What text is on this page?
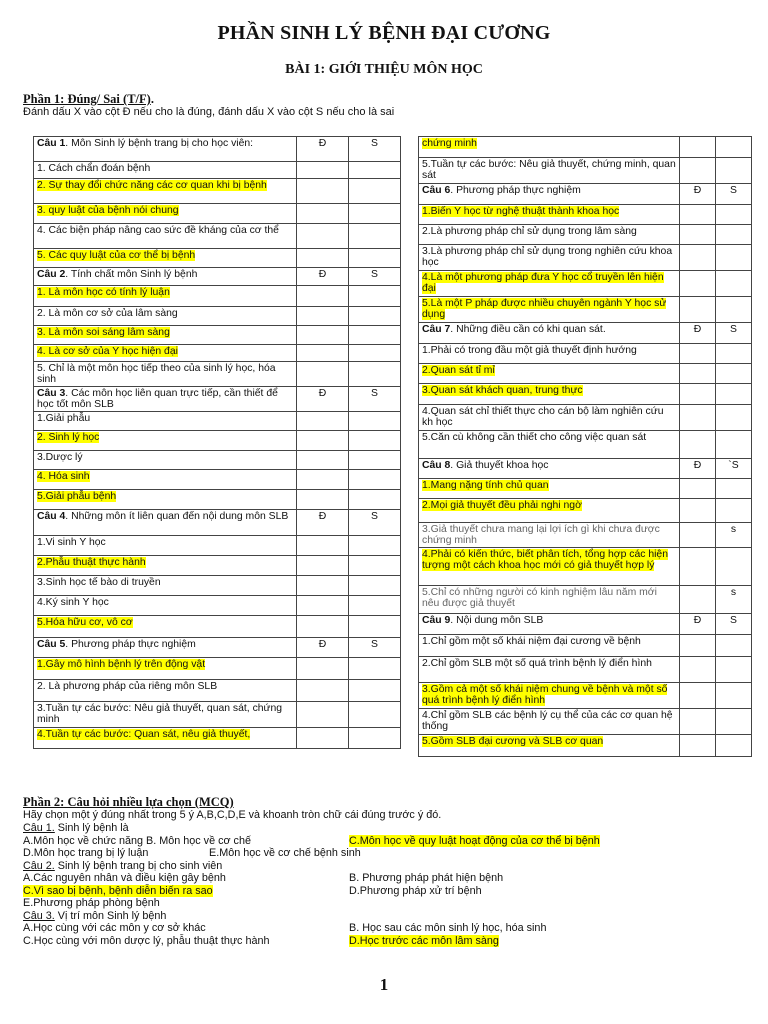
PHẦN SINH LÝ BỆNH ĐẠI CƯƠNG
BÀI 1: GIỚI THIỆU MÔN HỌC
Phần 1: Đúng/ Sai (T/F).
Đánh dấu X vào cột Đ nếu cho là đúng, đánh dấu X vào cột S nếu cho là sai
Câu 1. Môn Sinh lý bệnh trang bị cho học viên:	Đ	S
1. Cách chẩn đoán bệnh		
2. Sự thay đổi chức năng các cơ quan khi bị bệnh		
3. quy luật của bệnh nói chung		
4. Các biện pháp nâng cao sức đề kháng của cơ thể		
5. Các quy luật của cơ thể bị bệnh		
Câu 2. Tính chất môn Sinh lý bệnh	Đ	S
1. Là môn học có tính lý luận		
2. Là môn cơ sở của lâm sàng		
3. Là môn soi sáng lâm sàng		
4. Là cơ sở của Y học hiện đại		
5. Chỉ là một môn học tiếp theo của sinh lý học, hóa sinh		
Câu 3. Các môn học liên quan trực tiếp, cần thiết để học tốt môn SLB	Đ	S
1.Giải phẫu		
2. Sinh lý học		
3.Dược lý		
4. Hóa sinh		
5.Giải phẫu bệnh		
Câu 4. Những môn ít liên quan đến nội dung môn SLB	Đ	S
1.Vi sinh Y học		
2.Phẫu thuật thực hành		
3.Sinh học tế bào di truyền		
4.Ký sinh Y học		
5.Hóa hữu cơ, vô cơ		
Câu 5. Phương pháp thực nghiệm	Đ	S
1.Gây mô hình bệnh lý trên động vật		
2. Là phương pháp của riêng môn SLB		
3.Tuần tự các bước: Nêu giả thuyết, quan sát, chứng minh		
4.Tuần tự các bước: Quan sát, nêu giả thuyết,		
chứng minh		
5.Tuần tự các bước: Nêu giả thuyết, chứng minh, quan sát		
Câu 6. Phương pháp thực nghiệm	Đ	S
1.Biến Y học từ nghệ thuật thành khoa học		
2.Là phương pháp chỉ sử dụng trong lâm sàng		
3.Là phương pháp chỉ sử dụng trong nghiên cứu khoa học		
4.Là một phương pháp đưa Y học cổ truyền lên hiện đại		
5.Là một P pháp được nhiều chuyên ngành Y học sử dụng		
Câu 7. Những điều cần có khi quan sát.	Đ	S
1.Phải có trong đầu một giả thuyết định hướng		
2.Quan sát tỉ mỉ		
3.Quan sát khách quan, trung thực		
4.Quan sát chỉ thiết thực cho cán bộ làm nghiên cứu kh học		
5.Căn cù không cần thiết cho công việc quan sát		
Câu 8. Giả thuyết khoa học	Đ	`S
1.Mang nặng tính chủ quan		
2.Mọi giả thuyết đều phải nghi ngờ		
3.Giả thuyết chưa mang lại lợi ích gì khi chưa được chứng minh		s
4.Phải có kiến thức, biết phân tích, tổng hợp các hiện tượng một cách khoa học mới có giả thuyết hợp lý		
5.Chỉ có những người có kinh nghiệm lâu năm mới nêu được giả thuyết		s
Câu 9. Nội dung môn SLB	Đ	S
1.Chỉ gồm một số khái niệm đại cương về bệnh		
2.Chỉ gồm SLB một số quá trình bệnh lý điển hình		
3.Gồm cả một số khái niệm chung về bệnh và một số quá trình bệnh lý điển hình		
4.Chỉ gồm SLB các bệnh lý cụ thể của các cơ quan hệ thống		
5.Gồm SLB đại cương và SLB cơ quan		
Phần 2: Câu hỏi nhiều lựa chọn (MCQ)
Hãy chọn một ý đúng nhất trong 5 ý A,B,C,D,E và khoanh tròn chữ cái đúng trước ý đó.
Câu 1. Sinh lý bệnh là
A.Môn học về chức năng B. Môn học về cơ chế	C.Môn học về quy luật hoạt động của cơ thể bị bệnh
D.Môn học trang bị lý luận	E.Môn học về cơ chế bệnh sinh
Câu 2. Sinh lý bệnh trang bị cho sinh viên
A.Các nguyên nhân và điều kiện gây bệnh	B. Phương pháp phát hiện bệnh
C.Vì sao bị bệnh, bệnh diễn biến ra sao	D.Phương pháp xử trí bệnh
E.Phương pháp phòng bệnh
Câu 3. Vị trí môn Sinh lý bệnh
A.Học cùng với các môn y cơ sở khác	B. Học sau các môn sinh lý học, hóa sinh
C.Học cùng với môn dược lý, phẫu thuật thực hành	D.Học trước các môn lâm sàng
1
